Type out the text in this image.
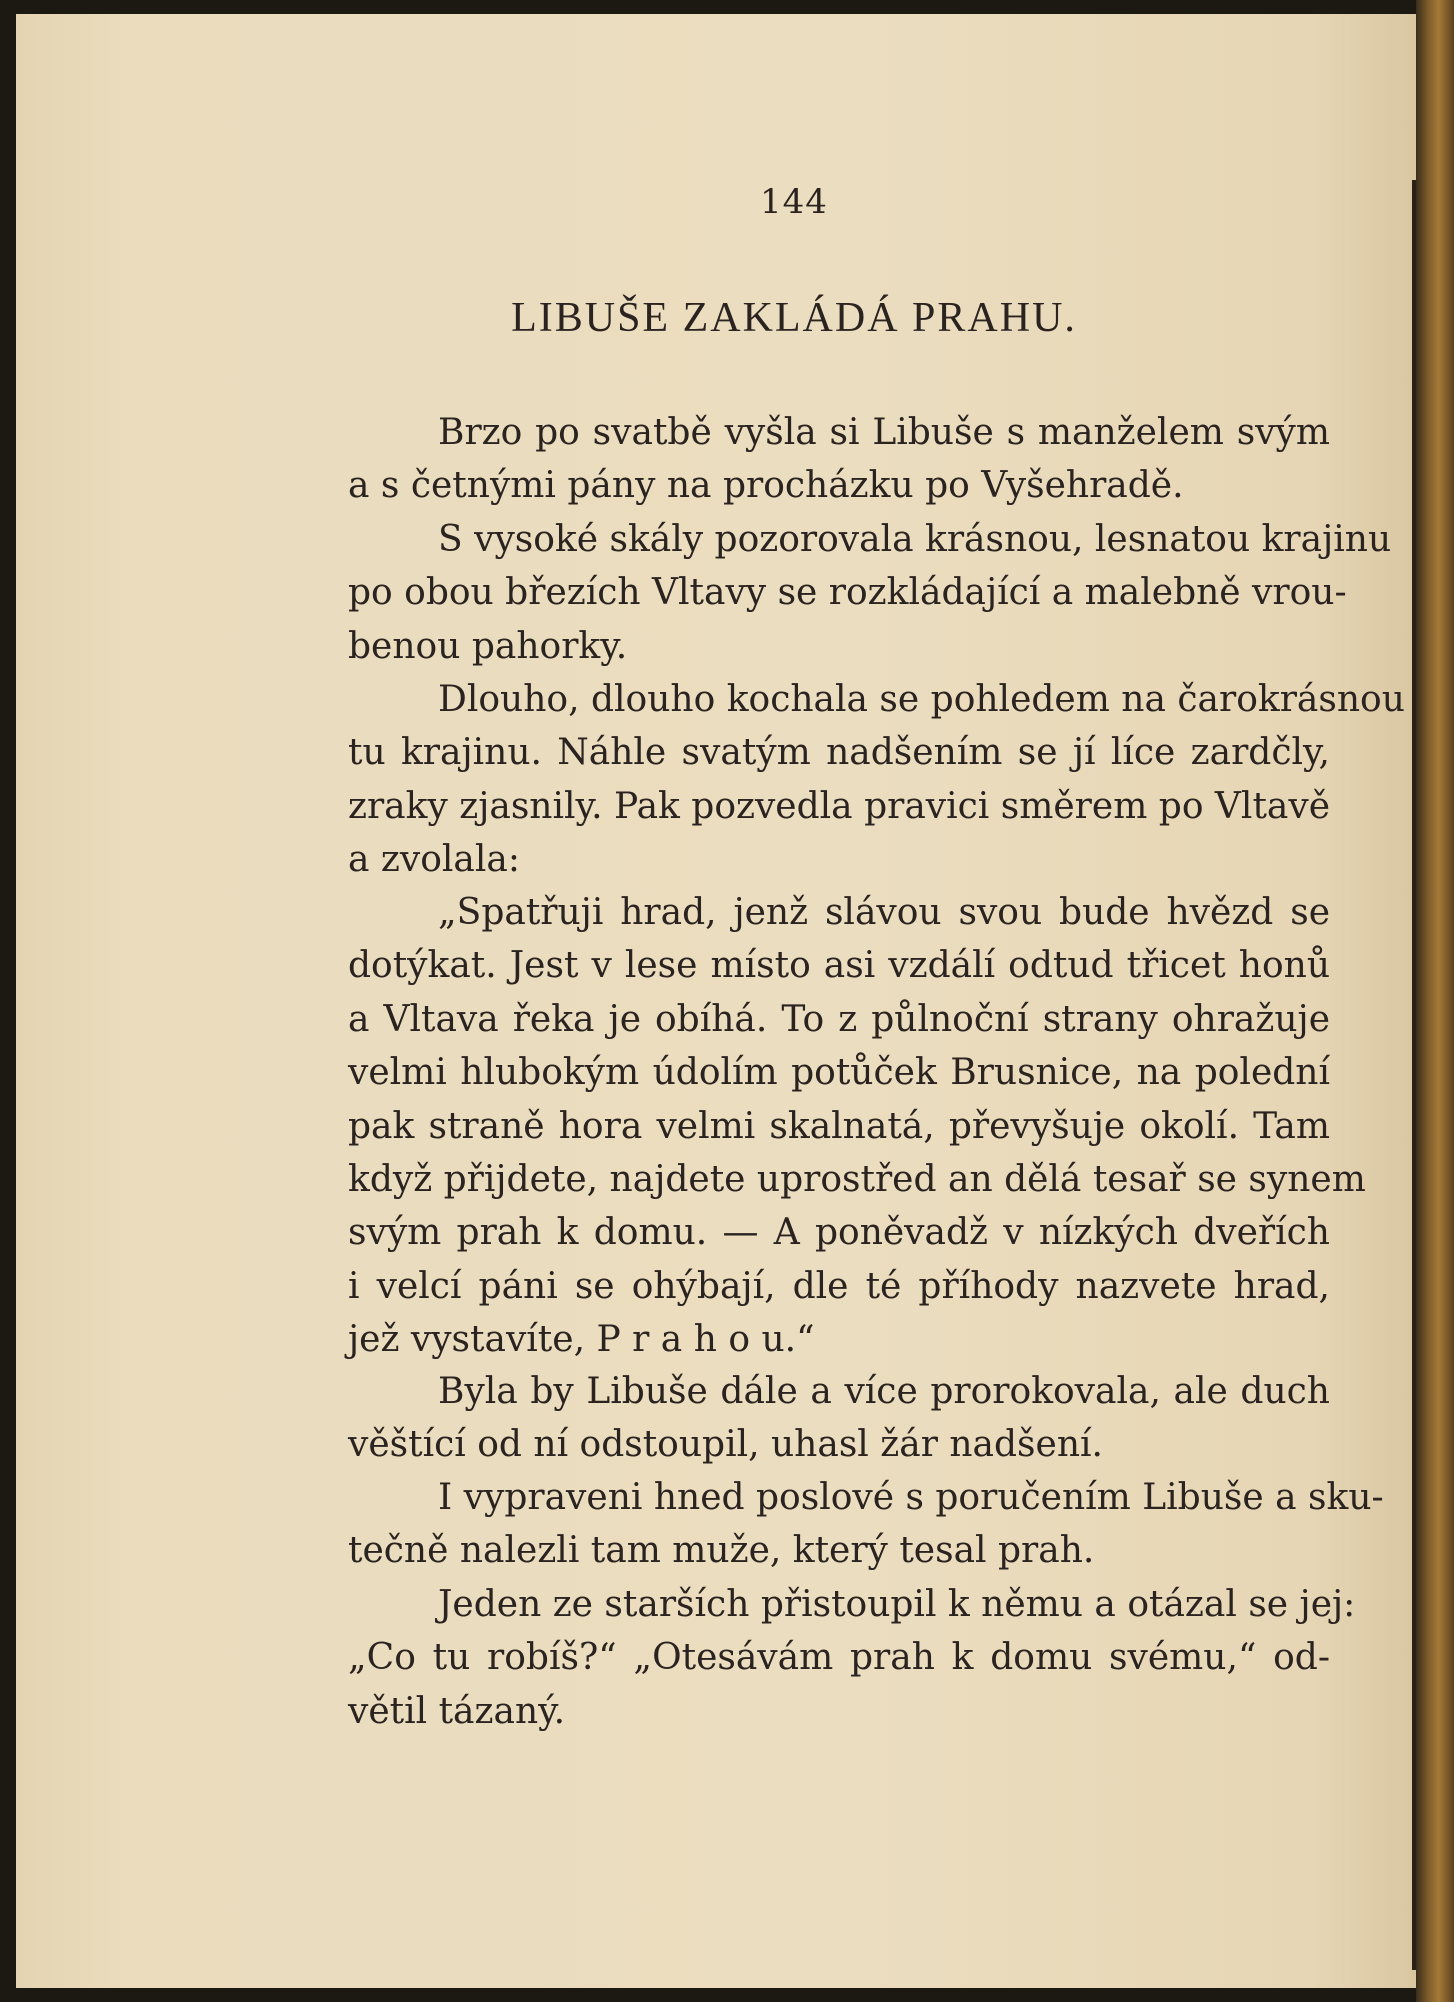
144
LIBUŠE ZAKLÁDÁ PRAHU.
Brzo po svatbě vyšla si Libuše s manželem svým
a s četnými pány na procházku po Vyšehradě.
S vysoké skály pozorovala krásnou, lesnatou krajinu
po obou březích Vltavy se rozkládající a malebně vrou-
benou pahorky.
Dlouho, dlouho kochala se pohledem na čarokrásnou
tu krajinu. Náhle svatým nadšením se jí líce zardčly,
zraky zjasnily. Pak pozvedla pravici směrem po Vltavě
a zvolala:
„Spatřuji hrad, jenž slávou svou bude hvězd se
dotýkat. Jest v lese místo asi vzdálí odtud třicet honů
a Vltava řeka je obíhá. To z půlnoční strany ohražuje
velmi hlubokým údolím potůček Brusnice, na polední
pak straně hora velmi skalnatá, převyšuje okolí. Tam
když přijdete, najdete uprostřed an dělá tesař se synem
svým prah k domu. — A poněvadž v nízkých dveřích
i velcí páni se ohýbají, dle té příhody nazvete hrad,
jež vystavíte, P r a h o u.“
Byla by Libuše dále a více prorokovala, ale duch
věštící od ní odstoupil, uhasl žár nadšení.
I vypraveni hned poslové s poručením Libuše a sku-
tečně nalezli tam muže, který tesal prah.
Jeden ze starších přistoupil k němu a otázal se jej:
„Co tu robíš?“ „Otesávám prah k domu svému,“ od-
větil tázaný.
